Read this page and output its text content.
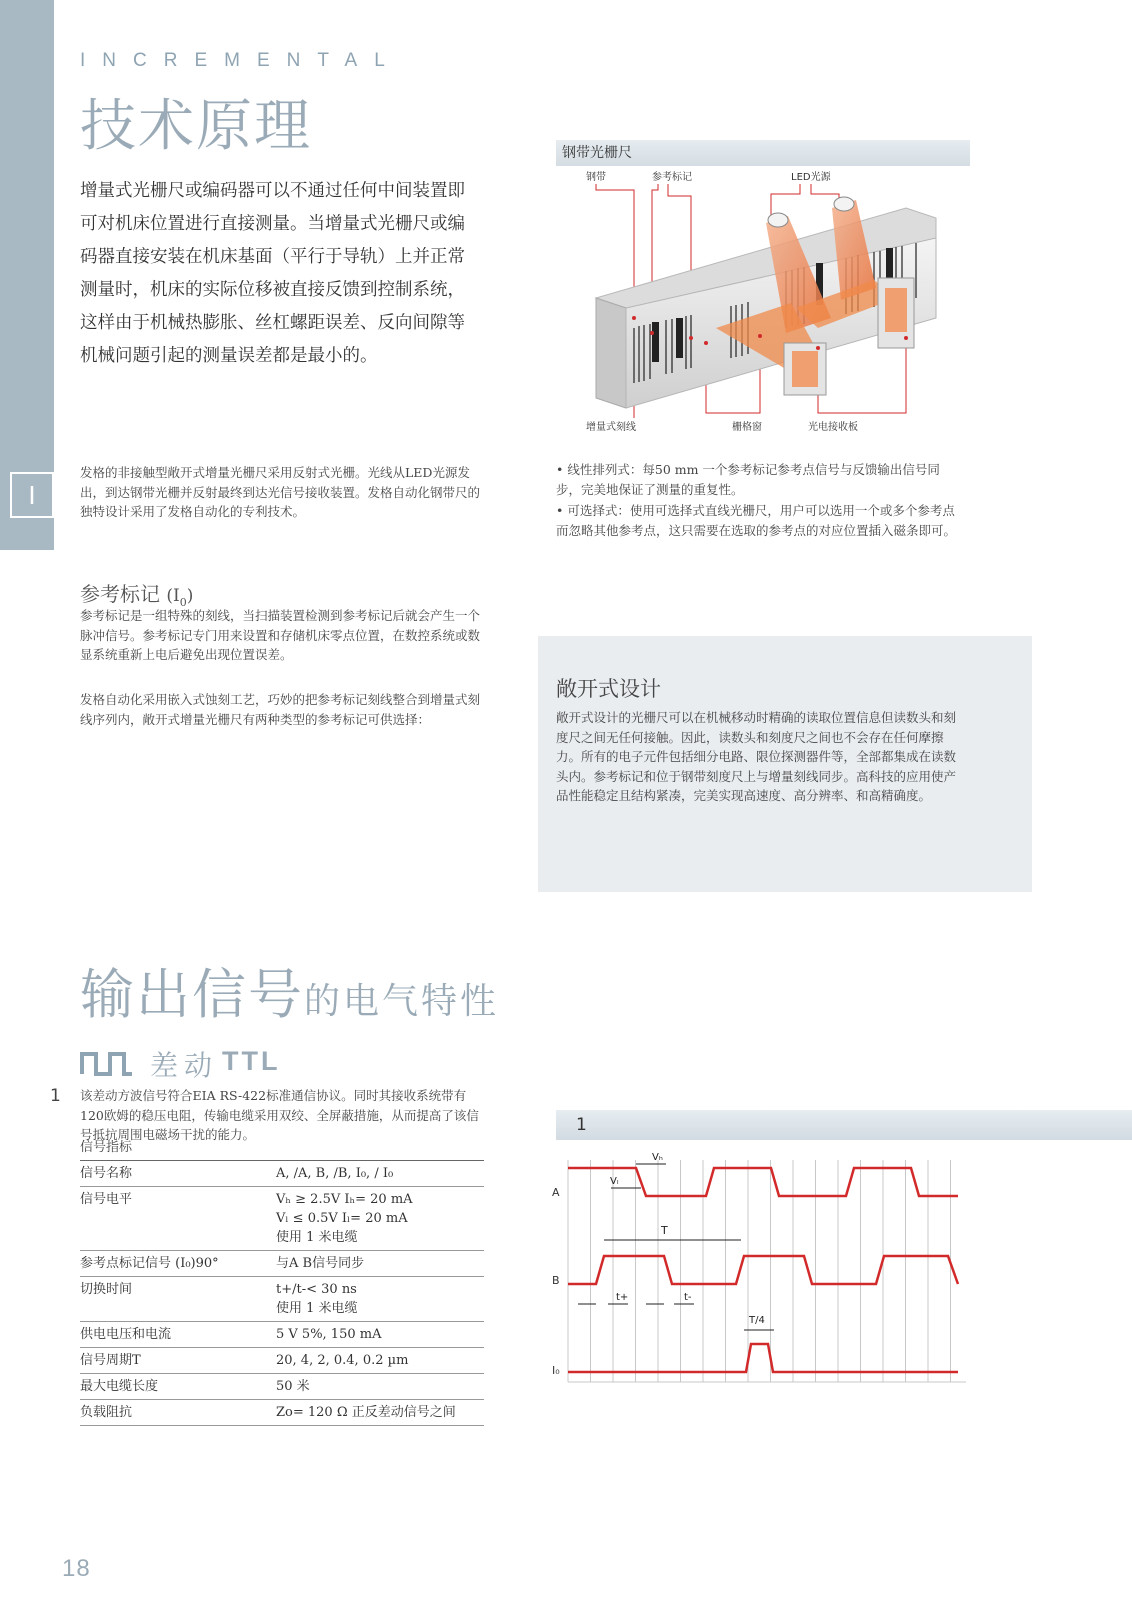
I
INCREMENTAL
技术原理
增量式光栅尺或编码器可以不通过任何中间装置即可对机床位置进行直接测量。当增量式光栅尺或编码器直接安装在机床基面（平行于导轨）上并正常测量时，机床的实际位移被直接反馈到控制系统，这样由于机械热膨胀、丝杠螺距误差、反向间隙等机械问题引起的测量误差都是最小的。

发格的非接触型敞开式增量光栅尺采用反射式光栅。光线从LED光源发出，到达钢带光栅并反射最终到达光信号接收装置。发格自动化钢带尺的独特设计采用了发格自动化的专利技术。

参考标记 $(I_0)$

参考标记是一组特殊的刻线，当扫描装置检测到参考标记后就会产生一个脉冲信号。参考标记专门用来设置和存储机床零点位置，在数控系统或数显系统重新上电后避免出现位置误差。

发格自动化采用嵌入式蚀刻工艺，巧妙的把参考标记刻线整合到增量式刻线序列内，敞开式增量光栅尺有两种类型的参考标记可供选择：

钢带光栅尺
钢带	参考标记	LED光源
增量式刻线	栅格窗	光电接收板
• 线性排列式：每50 mm 一个参考标记参考点信号与反馈输出信号同步，完美地保证了测量的重复性。
• 可选择式：使用可选择式直线光栅尺，用户可以选用一个或多个参考点而忽略其他参考点，这只需要在选取的参考点的对应位置插入磁条即可。
敞开式设计

敞开式设计的光栅尺可以在机械移动时精确的读取位置信息但读数头和刻度尺之间无任何接触。因此，读数头和刻度尺之间也不会存在任何摩擦力。所有的电子元件包括细分电路、限位探测器件等，全部都集成在读数头内。参考标记和位于钢带刻度尺上与增量刻线同步。高科技的应用使产品性能稳定且结构紧凑，完美实现高速度、高分辨率、和高精确度。

输出信号的电气特性
差动 TTL
1 该差动方波信号符合EIA RS-422标准通信协议。同时其接收系统带有120欧姆的稳压电阻，传输电缆采用双绞、全屏蔽措施，从而提高了该信号抵抗周围电磁场干扰的能力。

信号指标
信号名称	A, /A, B, /B, I₀, / I₀

信号电平	Vₕ ≥ 2.5V Iₕ= 20 mA
Vₗ ≤ 0.5V Iₗ= 20 mA
使用 1 米电缆

参考点标记信号 (I₀)90°	与A B信号同步

切换时间	t+/t-< 30 ns
使用 1 米电缆

供电电压和电流	5 V 5%, 150 mA

信号周期T	20, 4, 2, 0.4, 0.2 µm

最大电缆长度	50 米

负载阻抗	Zo= 120 Ω 正反差动信号之间
1
A
B
I₀
Vₕ
Vₗ
T
t+	t-
T/4
18
